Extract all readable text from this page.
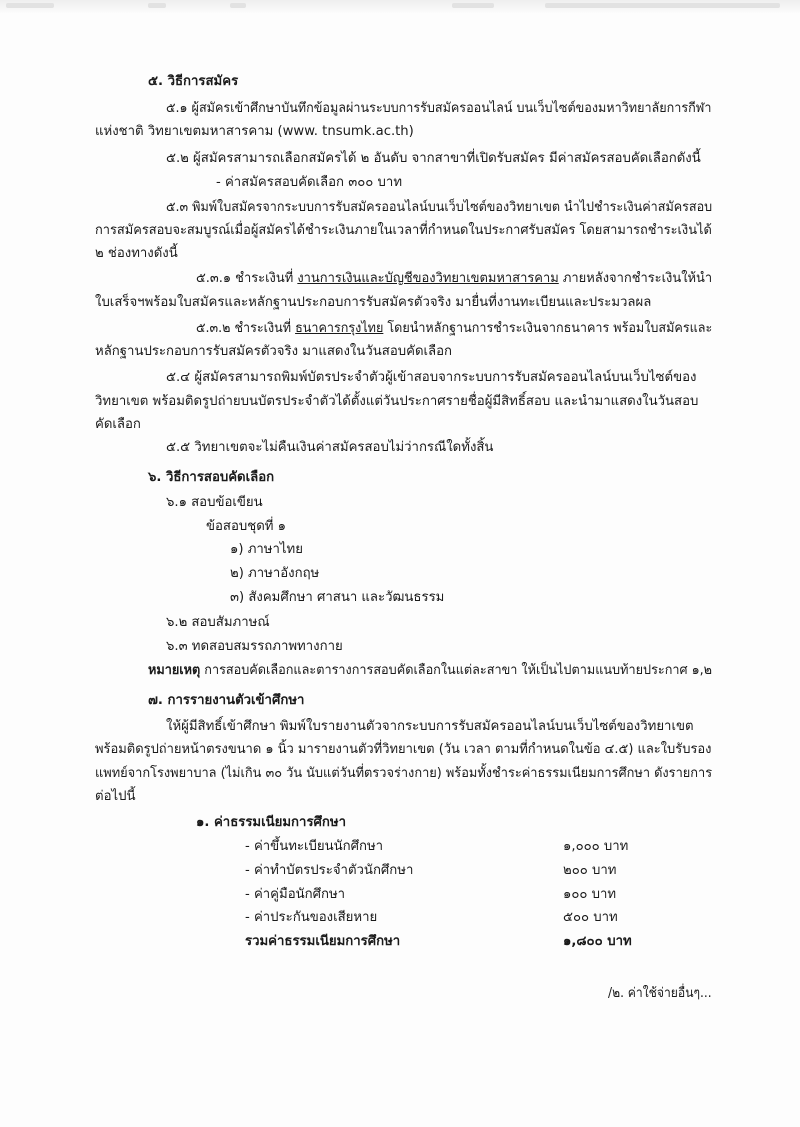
๕. วิธีการสมัคร
๕.๑ ผู้สมัครเข้าศึกษาบันทึกข้อมูลผ่านระบบการรับสมัครออนไลน์ บนเว็บไซต์ของมหาวิทยาลัยการกีฬา
แห่งชาติ วิทยาเขตมหาสารคาม (www. tnsumk.ac.th)
๕.๒ ผู้สมัครสามารถเลือกสมัครได้ ๒ อันดับ จากสาขาที่เปิดรับสมัคร มีค่าสมัครสอบคัดเลือกดังนี้
- ค่าสมัครสอบคัดเลือก ๓๐๐ บาท
๕.๓ พิมพ์ใบสมัครจากระบบการรับสมัครออนไลน์บนเว็บไซต์ของวิทยาเขต นำไปชำระเงินค่าสมัครสอบ
การสมัครสอบจะสมบูรณ์เมื่อผู้สมัครได้ชำระเงินภายในเวลาที่กำหนดในประกาศรับสมัคร โดยสามารถชำระเงินได้
๒ ช่องทางดังนี้
๕.๓.๑ ชำระเงินที่ งานการเงินและบัญชีของวิทยาเขตมหาสารคาม ภายหลังจากชำระเงินให้นำ
ใบเสร็จฯพร้อมใบสมัครและหลักฐานประกอบการรับสมัครตัวจริง มายื่นที่งานทะเบียนและประมวลผล
๕.๓.๒ ชำระเงินที่ ธนาคารกรุงไทย โดยนำหลักฐานการชำระเงินจากธนาคาร พร้อมใบสมัครและ
หลักฐานประกอบการรับสมัครตัวจริง มาแสดงในวันสอบคัดเลือก
๕.๔ ผู้สมัครสามารถพิมพ์บัตรประจำตัวผู้เข้าสอบจากระบบการรับสมัครออนไลน์บนเว็บไซต์ของ
วิทยาเขต พร้อมติดรูปถ่ายบนบัตรประจำตัวได้ตั้งแต่วันประกาศรายชื่อผู้มีสิทธิ์สอบ และนำมาแสดงในวันสอบ
คัดเลือก
๕.๕ วิทยาเขตจะไม่คืนเงินค่าสมัครสอบไม่ว่ากรณีใดทั้งสิ้น
๖. วิธีการสอบคัดเลือก
๖.๑ สอบข้อเขียน
ข้อสอบชุดที่ ๑
๑) ภาษาไทย
๒) ภาษาอังกฤษ
๓) สังคมศึกษา ศาสนา และวัฒนธรรม
๖.๒ สอบสัมภาษณ์
๖.๓ ทดสอบสมรรถภาพทางกาย
หมายเหตุ การสอบคัดเลือกและตารางการสอบคัดเลือกในแต่ละสาขา ให้เป็นไปตามแนบท้ายประกาศ ๑,๒
๗. การรายงานตัวเข้าศึกษา
ให้ผู้มีสิทธิ์เข้าศึกษา พิมพ์ใบรายงานตัวจากระบบการรับสมัครออนไลน์บนเว็บไซต์ของวิทยาเขต
พร้อมติดรูปถ่ายหน้าตรงขนาด ๑ นิ้ว มารายงานตัวที่วิทยาเขต (วัน เวลา ตามที่กำหนดในข้อ ๔.๕) และใบรับรอง
แพทย์จากโรงพยาบาล (ไม่เกิน ๓๐ วัน นับแต่วันที่ตรวจร่างกาย) พร้อมทั้งชำระค่าธรรมเนียมการศึกษา ดังรายการ
ต่อไปนี้
๑. ค่าธรรมเนียมการศึกษา
- ค่าขึ้นทะเบียนนักศึกษา	๑,๐๐๐ บาท
- ค่าทำบัตรประจำตัวนักศึกษา	๒๐๐ บาท
- ค่าคู่มือนักศึกษา	๑๐๐ บาท
- ค่าประกันของเสียหาย	๕๐๐ บาท
รวมค่าธรรมเนียมการศึกษา	๑,๘๐๐ บาท
/๒. ค่าใช้จ่ายอื่นๆ...
